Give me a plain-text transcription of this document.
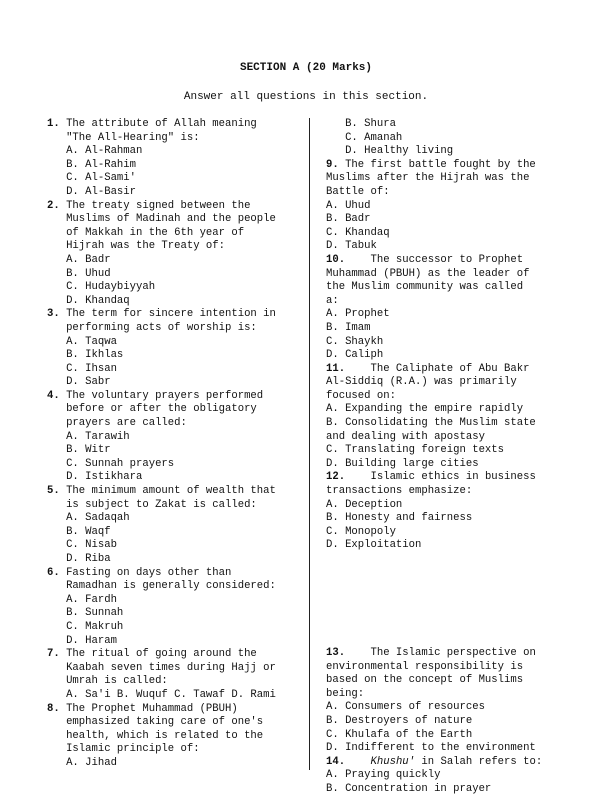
SECTION A (20 Marks)
Answer all questions in this section.
1. The attribute of Allah meaning
"The All-Hearing" is:
A. Al-Rahman
B. Al-Rahim
C. Al-Sami'
D. Al-Basir
2. The treaty signed between the
Muslims of Madinah and the people
of Makkah in the 6th year of
Hijrah was the Treaty of:
A. Badr
B. Uhud
C. Hudaybiyyah
D. Khandaq
3. The term for sincere intention in
performing acts of worship is:
A. Taqwa
B. Ikhlas
C. Ihsan
D. Sabr
4. The voluntary prayers performed
before or after the obligatory
prayers are called:
A. Tarawih
B. Witr
C. Sunnah prayers
D. Istikhara
5. The minimum amount of wealth that
is subject to Zakat is called:
A. Sadaqah
B. Waqf
C. Nisab
D. Riba
6. Fasting on days other than
Ramadhan is generally considered:
A. Fardh
B. Sunnah
C. Makruh
D. Haram
7. The ritual of going around the
Kaabah seven times during Hajj or
Umrah is called:
A. Sa'i B. Wuquf C. Tawaf D. Rami
8. The Prophet Muhammad (PBUH)
emphasized taking care of one's
health, which is related to the
Islamic principle of:
A. Jihad
B. Shura
C. Amanah
D. Healthy living
9. The first battle fought by the
Muslims after the Hijrah was the
Battle of:
A. Uhud
B. Badr
C. Khandaq
D. Tabuk
10.    The successor to Prophet
Muhammad (PBUH) as the leader of
the Muslim community was called
a:
A. Prophet
B. Imam
C. Shaykh
D. Caliph
11.    The Caliphate of Abu Bakr
Al-Siddiq (R.A.) was primarily
focused on:
A. Expanding the empire rapidly
B. Consolidating the Muslim state
and dealing with apostasy
C. Translating foreign texts
D. Building large cities
12.    Islamic ethics in business
transactions emphasize:
A. Deception
B. Honesty and fairness
C. Monopoly
D. Exploitation
13.    The Islamic perspective on
environmental responsibility is
based on the concept of Muslims
being:
A. Consumers of resources
B. Destroyers of nature
C. Khulafa of the Earth
D. Indifferent to the environment
14. Khushu' in Salah refers to:
A. Praying quickly
B. Concentration in prayer
